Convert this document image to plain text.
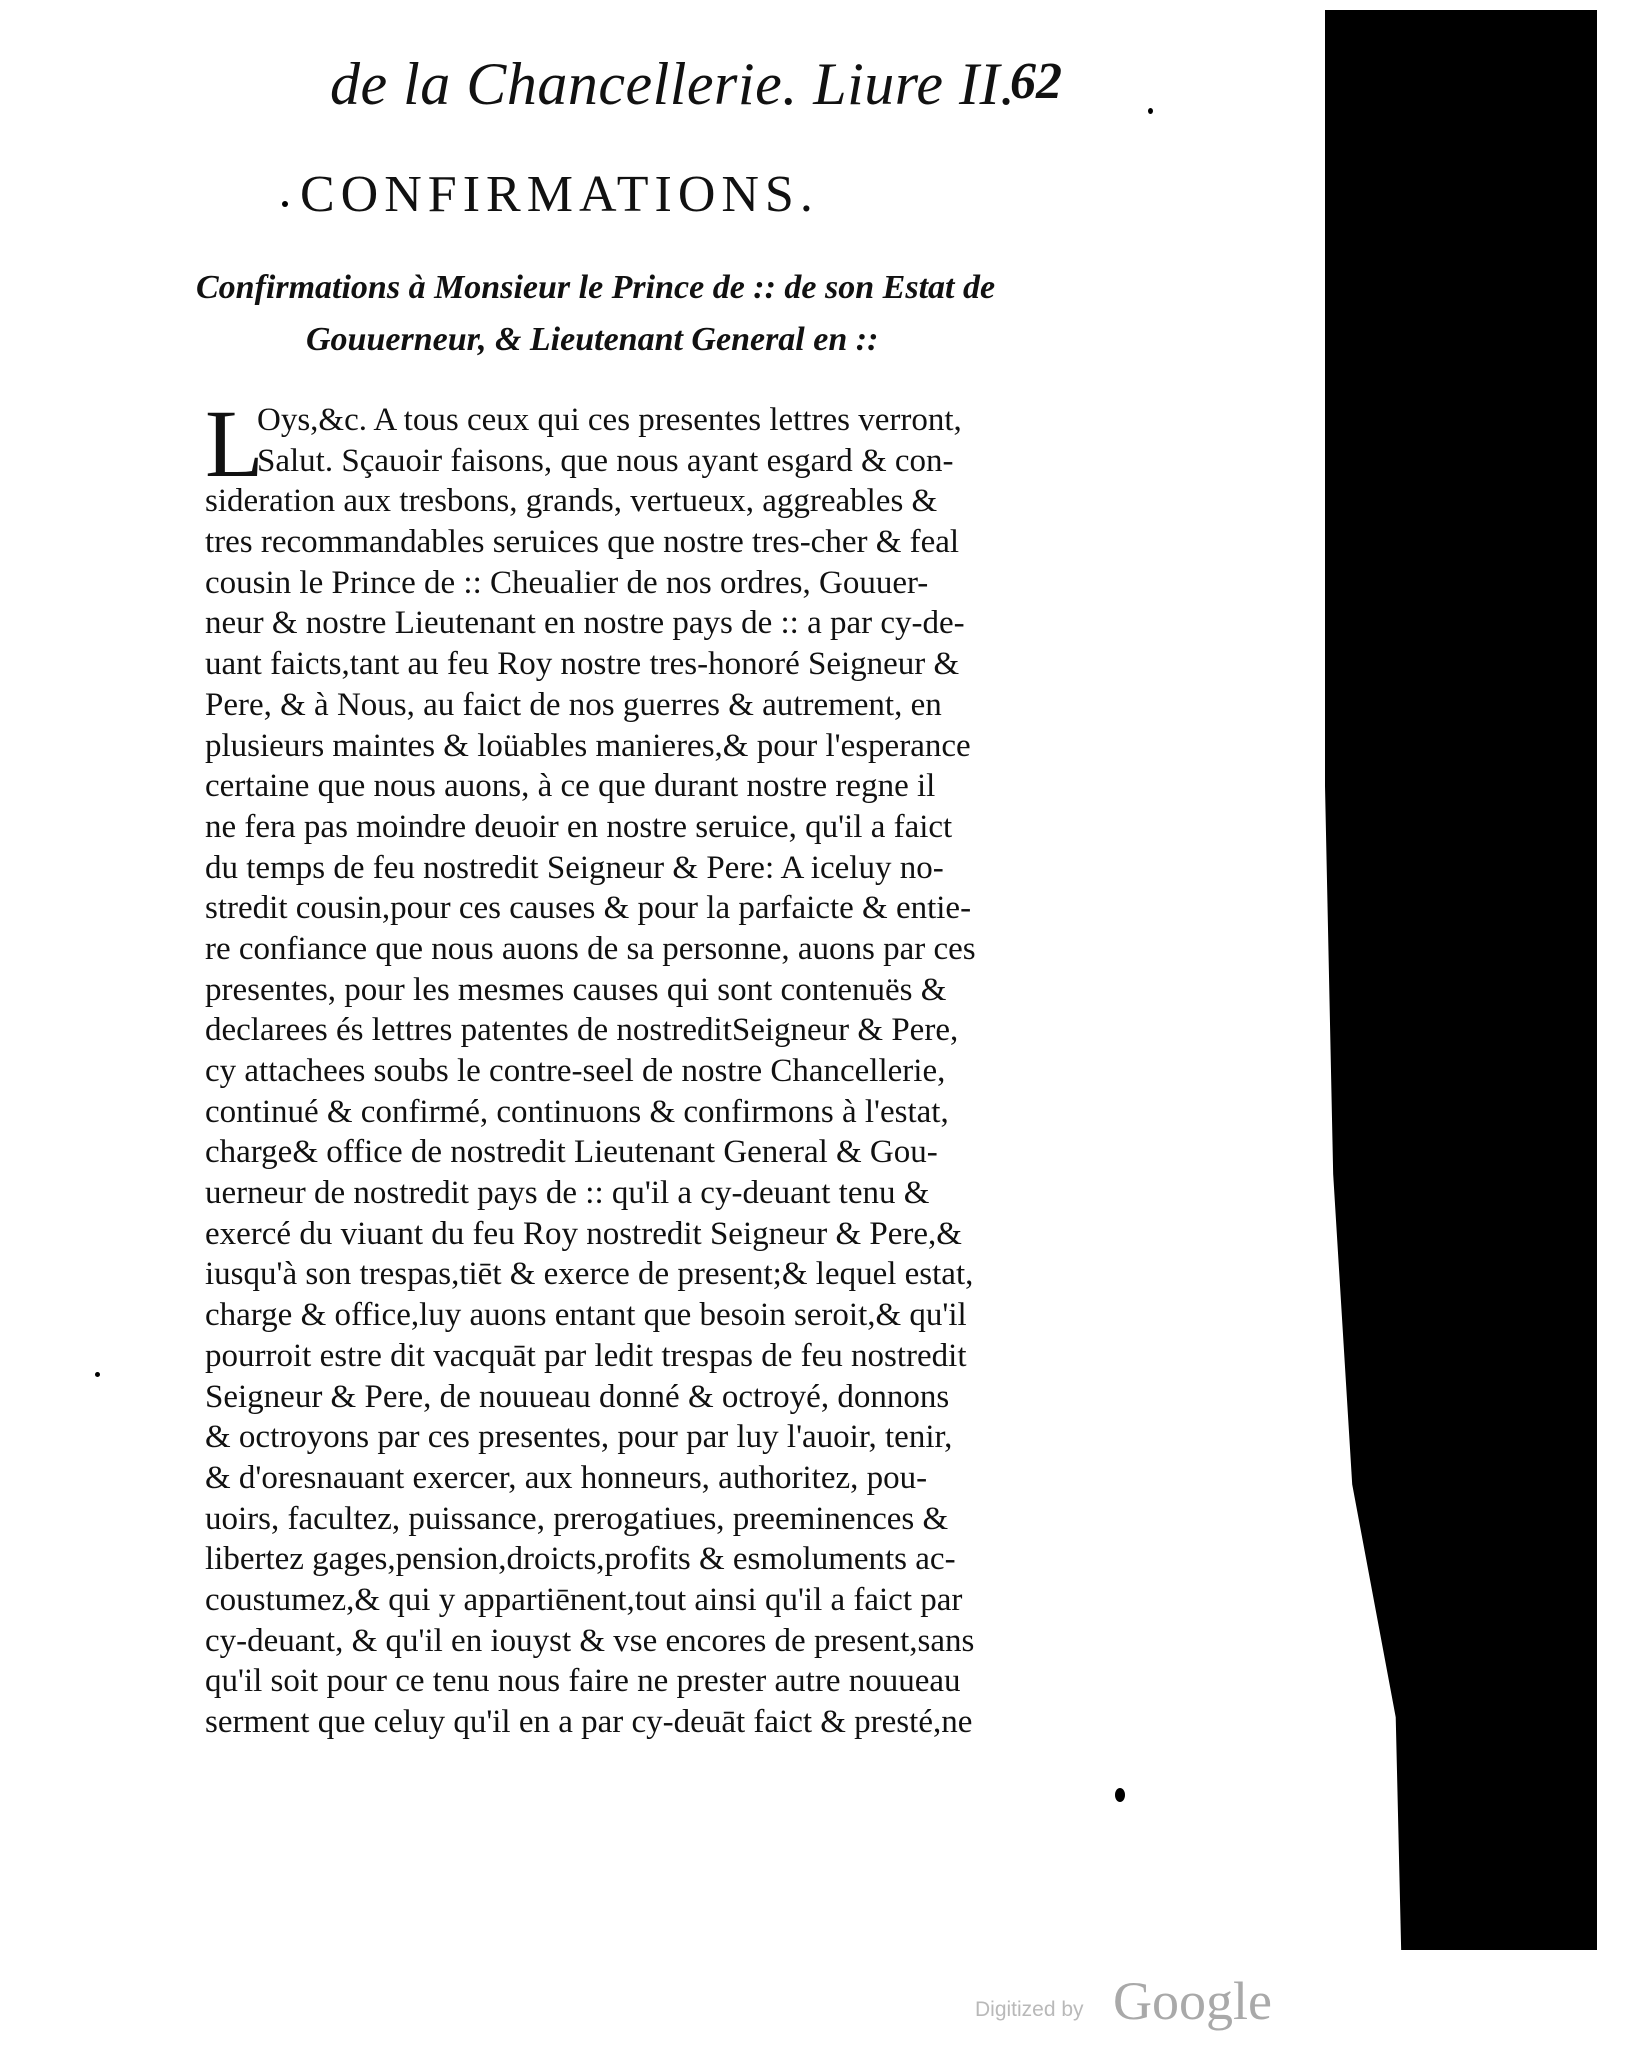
de la Chancellerie. Liure II.
62
CONFIRMATIONS.
Confirmations à Monsieur le Prince de :: de son Estat de
Gouuerneur, & Lieutenant General en ::
L
Oys,&c. A tous ceux qui ces presentes lettres verront,
Salut. Sçauoir faisons, que nous ayant esgard & con-
sideration aux tresbons, grands, vertueux, aggreables &
tres recommandables seruices que nostre tres-cher & feal
cousin le Prince de :: Cheualier de nos ordres, Gouuer-
neur & nostre Lieutenant en nostre pays de :: a par cy-de-
uant faicts,tant au feu Roy nostre tres-honoré Seigneur &
Pere, & à Nous, au faict de nos guerres & autrement, en
plusieurs maintes & loüables manieres,& pour l'esperance
certaine que nous auons, à ce que durant nostre regne il
ne fera pas moindre deuoir en nostre seruice, qu'il a faict
du temps de feu nostredit Seigneur & Pere: A iceluy no-
stredit cousin,pour ces causes & pour la parfaicte & entie-
re confiance que nous auons de sa personne, auons par ces
presentes, pour les mesmes causes qui sont contenuës &
declarees és lettres patentes de nostreditSeigneur & Pere,
cy attachees soubs le contre-seel de nostre Chancellerie,
continué & confirmé, continuons & confirmons à l'estat,
charge& office de nostredit Lieutenant General & Gou-
uerneur de nostredit pays de :: qu'il a cy-deuant tenu &
exercé du viuant du feu Roy nostredit Seigneur & Pere,&
iusqu'à son trespas,tiēt & exerce de present;& lequel estat,
charge & office,luy auons entant que besoin seroit,& qu'il
pourroit estre dit vacquāt par ledit trespas de feu nostredit
Seigneur & Pere, de nouueau donné & octroyé, donnons
& octroyons par ces presentes, pour par luy l'auoir, tenir,
& d'oresnauant exercer, aux honneurs, authoritez, pou-
uoirs, facultez, puissance, prerogatiues, preeminences &
libertez gages,pension,droicts,profits & esmoluments ac-
coustumez,& qui y appartiēnent,tout ainsi qu'il a faict par
cy-deuant, & qu'il en iouyst & vse encores de present,sans
qu'il soit pour ce tenu nous faire ne prester autre nouueau
serment que celuy qu'il en a par cy-deuāt faict & presté,ne
Digitized by Google
